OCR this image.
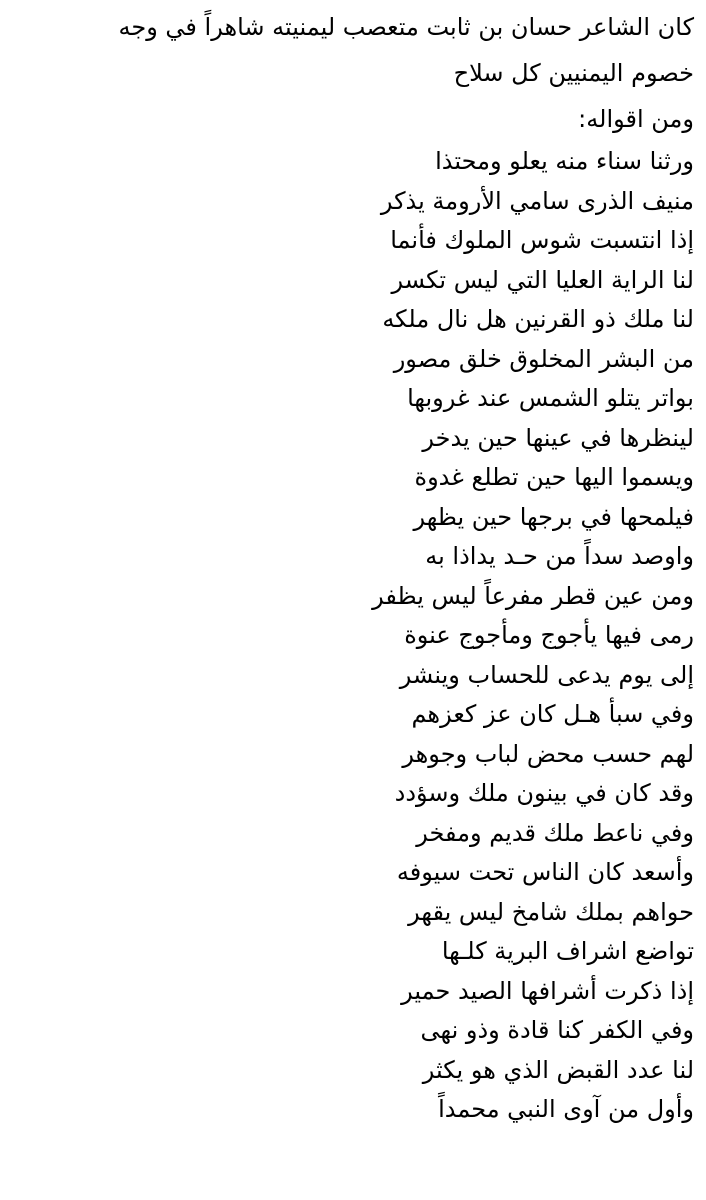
كان الشاعر حسان بن ثابت متعصب ليمنيته شاهراً في وجه
خصوم اليمنيين كل سلاح
ومن اقواله:
ورثنا سناء منه يعلو ومحتذا
منيف الذرى سامي الأرومة يذكر
إذا انتسبت شوس الملوك فأنما
لنا الراية العليا التي ليس تكسر
لنا ملك ذو القرنين هل نال ملكه
من البشر المخلوق خلق مصور
بواتر يتلو الشمس عند غروبها
لينظرها في عينها حين يدخر
ويسموا اليها حين تطلع غدوة
فيلمحها في برجها حين يظهر
واوصد سداً من حـد يداذا به
ومن عين قطر مفرعاً ليس يظفر
رمى فيها يأجوج ومأجوج عنوة
إلى يوم يدعى للحساب وينشر
وفي سبأ هـل كان عز كعزهم
لهم حسب محض لباب وجوهر
وقد كان في بينون ملك وسؤدد
وفي ناعط ملك قديم ومفخر
وأسعد كان الناس تحت سيوفه
حواهم بملك شامخ ليس يقهر
تواضع اشراف البرية كلـها
إذا ذكرت أشرافها الصيد حمير
وفي الكفر كنا قادة وذو نهى
لنا عدد القبض الذي هو يكثر
وأول من آوى النبي محمداً
